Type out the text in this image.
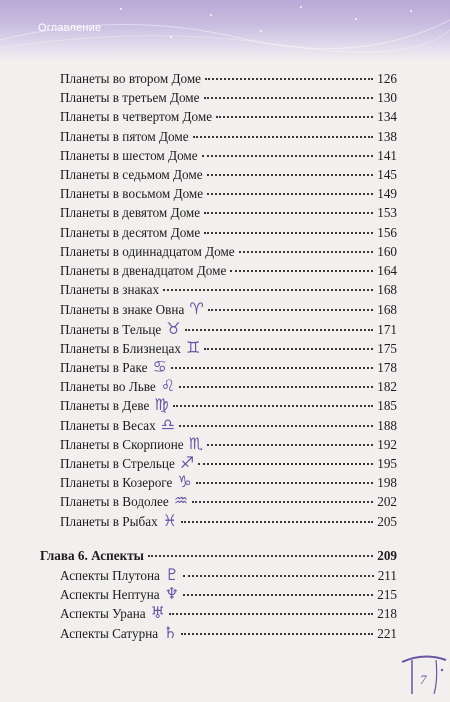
Оглавление
Планеты во втором Доме	126
Планеты в третьем Доме	130
Планеты в четвертом Доме	134
Планеты в пятом Доме	138
Планеты в шестом Доме	141
Планеты в седьмом Доме	145
Планеты в восьмом Доме	149
Планеты в девятом Доме	153
Планеты в десятом Доме	156
Планеты в одиннадцатом Доме	160
Планеты в двенадцатом Доме	164
Планеты в знаках	168
Планеты в знаке Овна ♈	168
Планеты в Тельце ♉	171
Планеты в Близнецах ♊	175
Планеты в Раке ♋	178
Планеты во Льве ♌	182
Планеты в Деве ♍	185
Планеты в Весах ♎	188
Планеты в Скорпионе ♏	192
Планеты в Стрельце ♐	195
Планеты в Козероге ♑	198
Планеты в Водолее ♒	202
Планеты в Рыбах ♓	205
Глава 6. Аспекты	209
Аспекты Плутона ♇	211
Аспекты Нептуна ♆	215
Аспекты Урана ♅	218
Аспекты Сатурна ♄	221
7
